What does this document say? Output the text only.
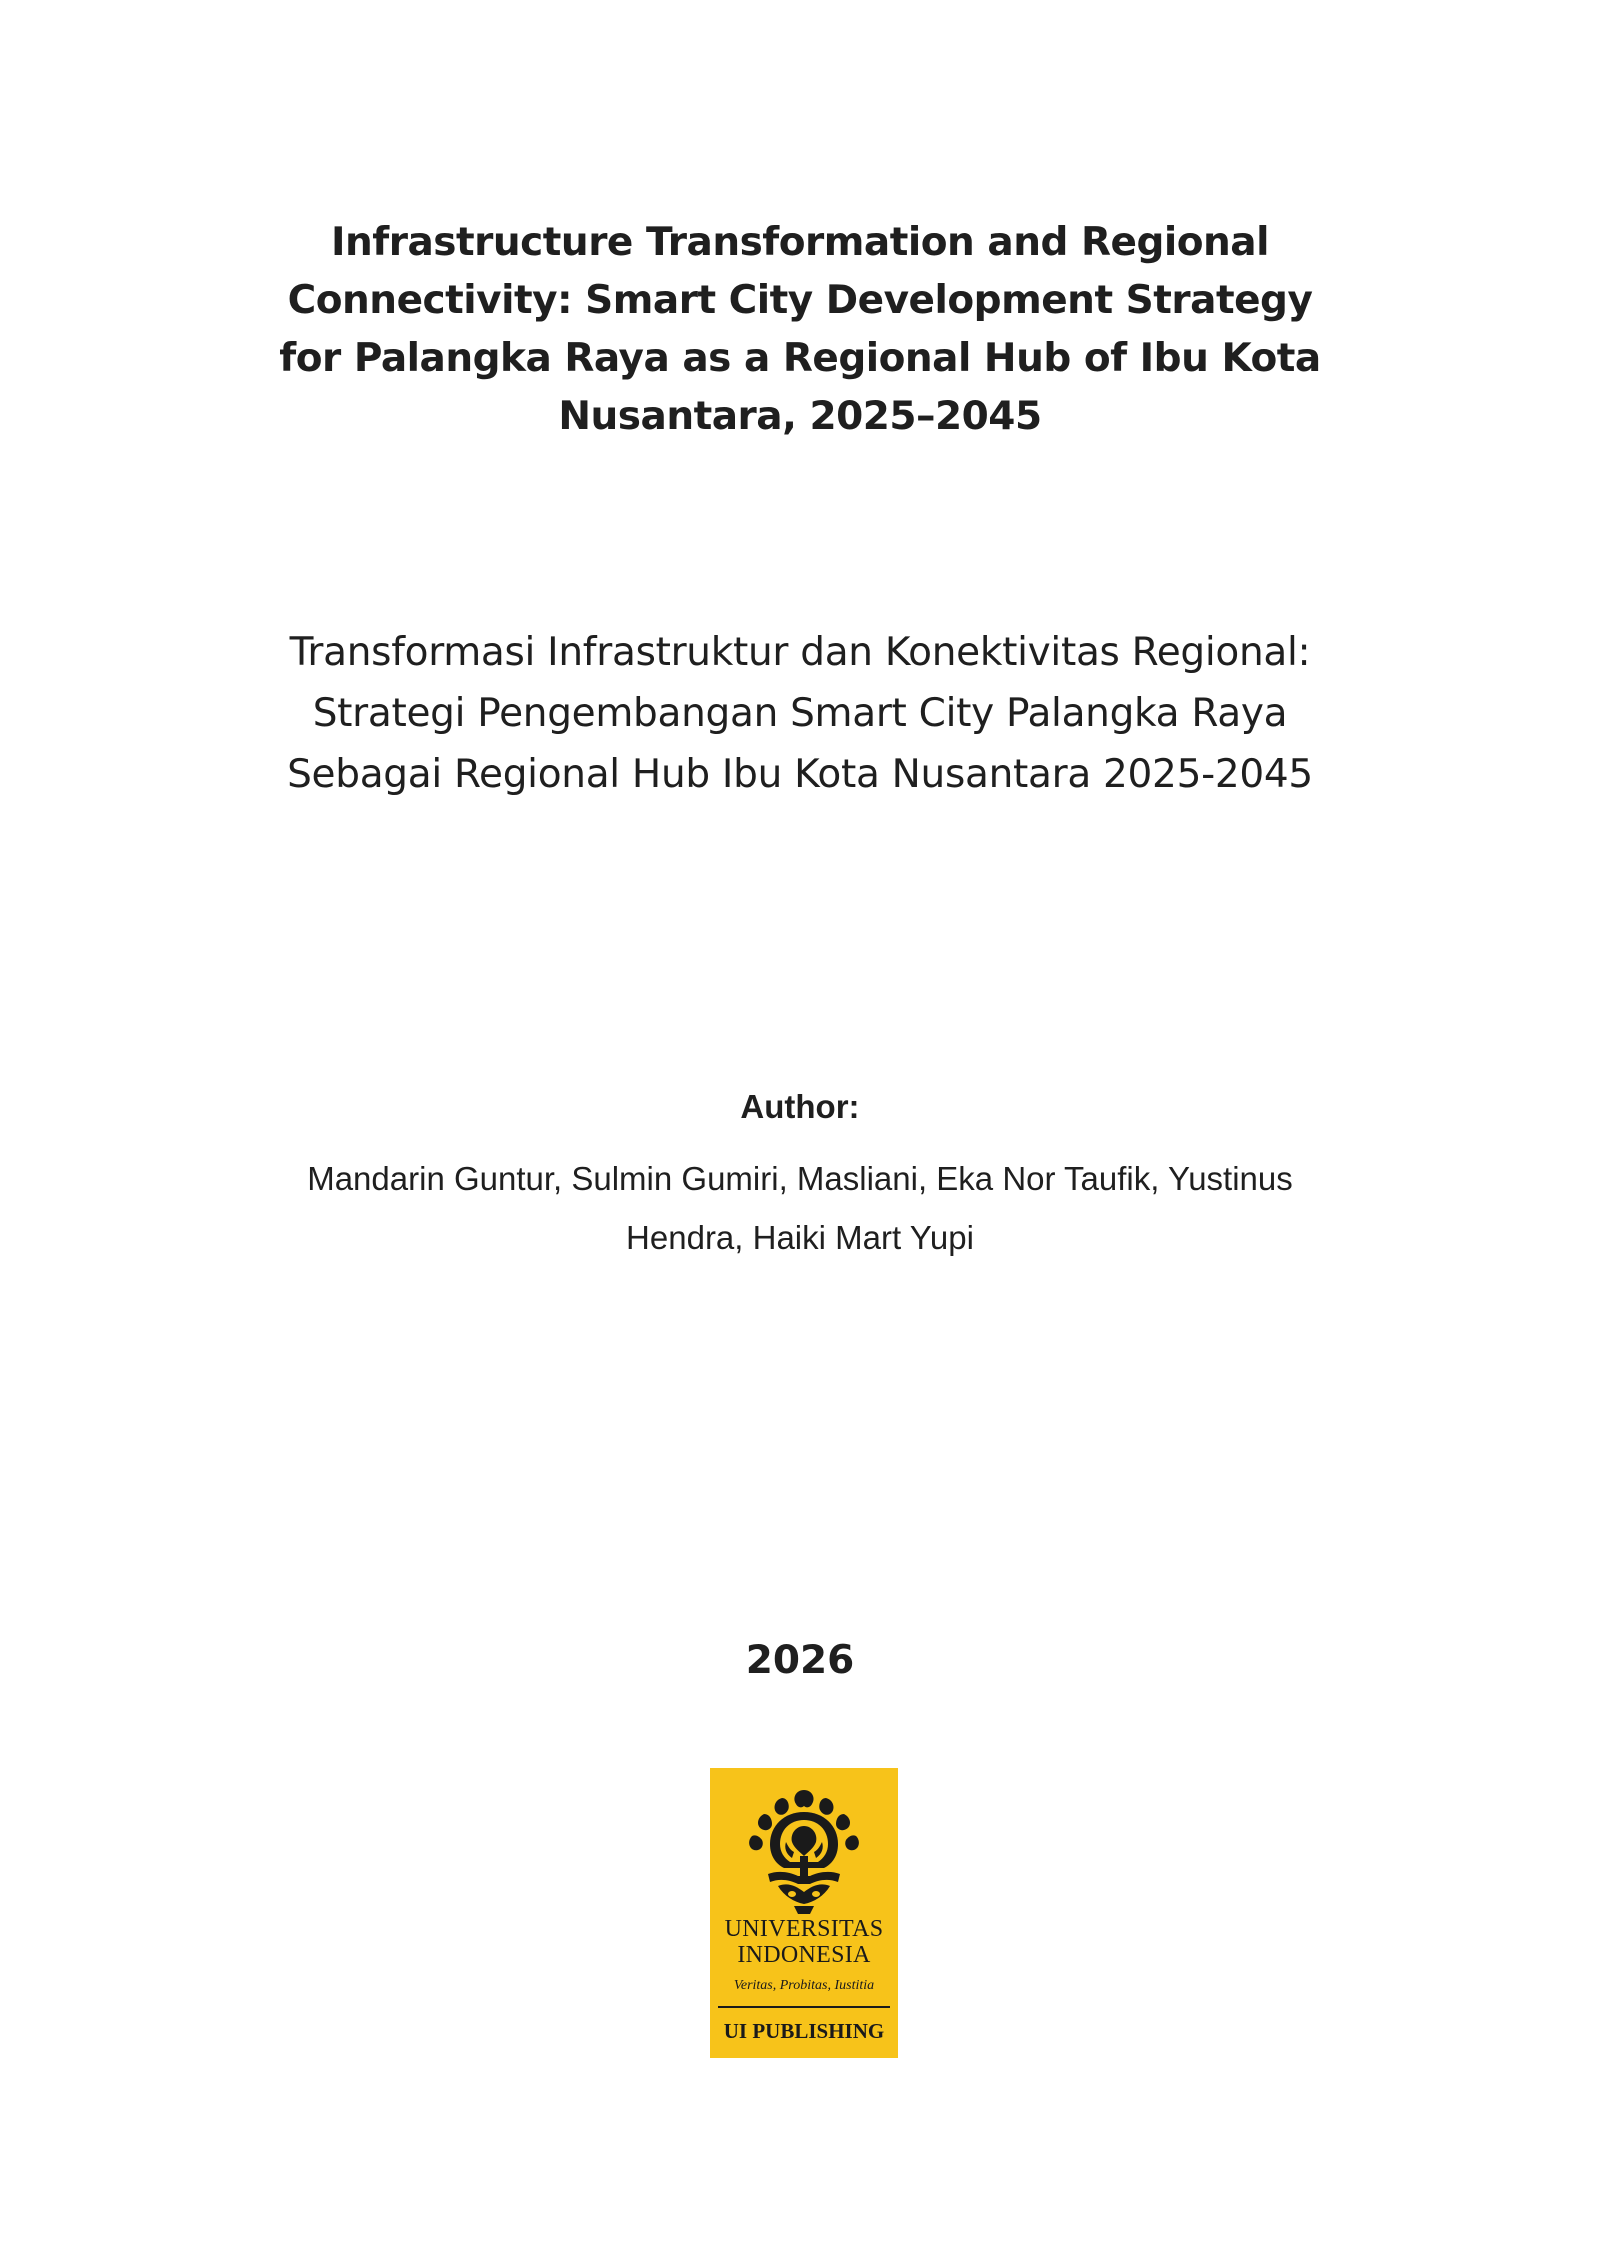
Infrastructure Transformation and Regional
Connectivity: Smart City Development Strategy
for Palangka Raya as a Regional Hub of Ibu Kota
Nusantara, 2025–2045
Transformasi Infrastruktur dan Konektivitas Regional:
Strategi Pengembangan Smart City Palangka Raya
Sebagai Regional Hub Ibu Kota Nusantara 2025-2045
Author:
Mandarin Guntur, Sulmin Gumiri, Masliani, Eka Nor Taufik, Yustinus
Hendra, Haiki Mart Yupi
2026
UNIVERSITAS
INDONESIA
Veritas, Probitas, Iustitia
UI PUBLISHING
